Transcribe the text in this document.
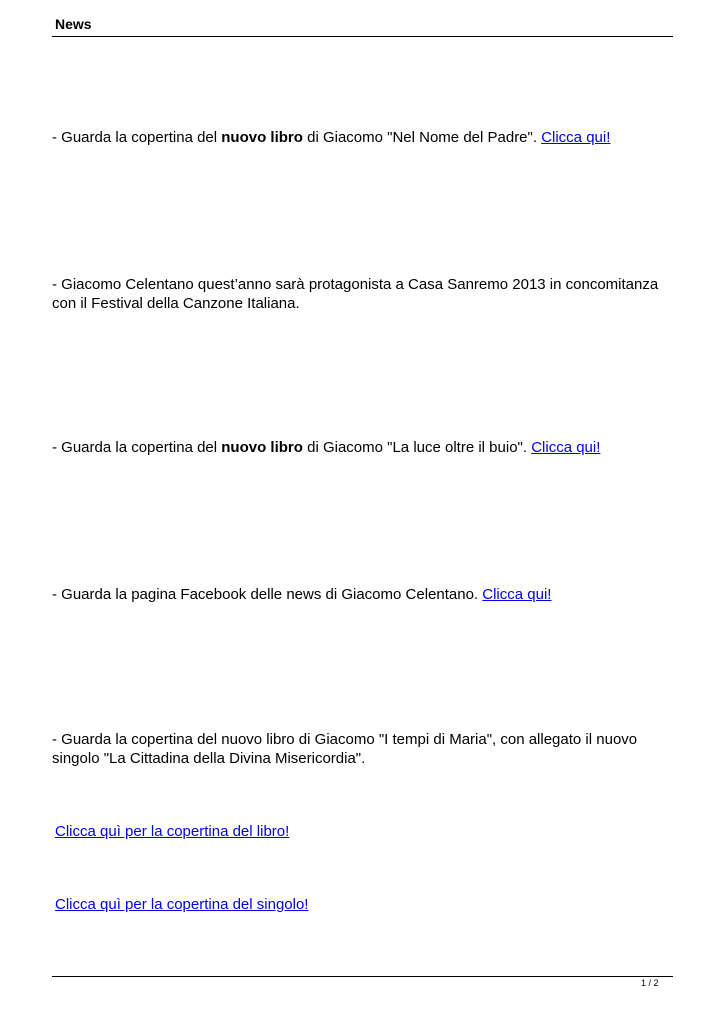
News

- Guarda la copertina del nuovo libro di Giacomo "Nel Nome del Padre". Clicca qui!

- Giacomo Celentano quest’anno sarà protagonista a Casa Sanremo 2013 in concomitanza con il Festival della Canzone Italiana.

- Guarda la copertina del nuovo libro di Giacomo "La luce oltre il buio". Clicca qui!

- Guarda la pagina Facebook delle news di Giacomo Celentano. Clicca qui!

- Guarda la copertina del nuovo libro di Giacomo "I tempi di Maria", con allegato il nuovo singolo "La Cittadina della Divina Misericordia".

Clicca quì per la copertina del libro!
Clicca quì per la copertina del singolo!
1 / 2
